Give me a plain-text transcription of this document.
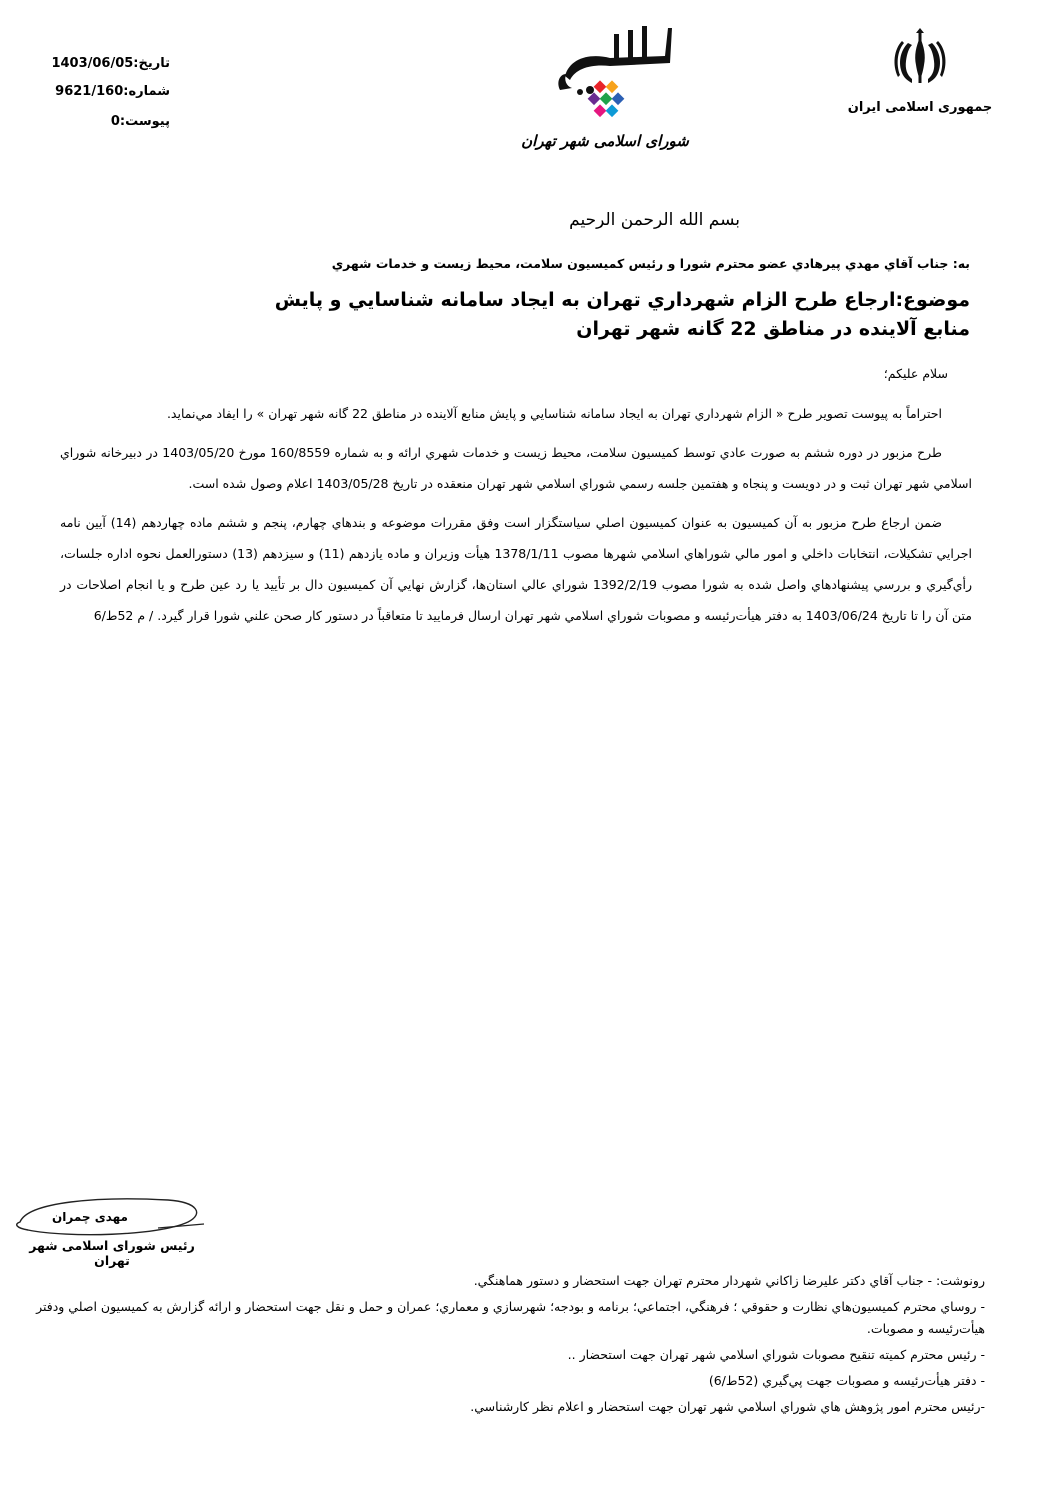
تاريخ:1403/06/05
شماره:9621/160
پيوست:0
جمهوری اسلامی ایران
شورای اسلامی شهر تهران
بسم الله الرحمن الرحيم
به: جناب آقاي مهدي پيرهادي عضو محترم شورا و رئيس کميسيون سلامت، محيط زيست و خدمات شهري
موضوع:ارجاع طرح الزام شهرداري تهران به ايجاد سامانه شناسايي و پايش
منابع آلاينده در مناطق 22 گانه شهر تهران
سلام عليکم؛

احتراماً به پيوست تصوير طرح « الزام شهرداري تهران به ايجاد سامانه شناسايي و پايش منابع آلاينده در مناطق 22 گانه شهر تهران » را ايفاد مي‌نمايد.

طرح مزبور در دوره ششم به صورت عادي توسط کميسيون سلامت، محيط زيست و خدمات شهري ارائه و به شماره 160/8559 مورخ 1403/05/20 در دبيرخانه شوراي اسلامي شهر تهران ثبت و در دويست و پنجاه و هفتمين جلسه رسمي شوراي اسلامي شهر تهران منعقده در تاريخ 1403/05/28 اعلام وصول شده است.

ضمن ارجاع طرح مزبور به آن کميسيون به عنوان کميسيون اصلي سياستگزار است وفق مقررات موضوعه و بندهاي چهارم، پنجم و ششم ماده چهاردهم (14) آيين نامه اجرايي تشکيلات، انتخابات داخلي و امور مالي شوراهاي اسلامي شهرها مصوب 1378/1/11 هيأت وزيران و ماده يازدهم (11) و سيزدهم (13) دستورالعمل نحوه اداره جلسات، رأي‌گيري و بررسي پيشنهادهاي واصل شده به شورا مصوب 1392/2/19 شوراي عالي استان‌ها، گزارش نهايي آن کميسيون دال بر تأييد يا رد عين طرح و يا انجام اصلاحات در متن آن را تا تاريخ 1403/06/24 به دفتر هيأت‌رئيسه و مصوبات شوراي اسلامي شهر تهران ارسال فرماييد تا متعاقباً در دستور کار صحن علني شورا قرار گيرد. / م 52ط/6

مهدی چمران
رئیس شورای اسلامی شهر تهران
رونوشت: - جناب آقاي دکتر عليرضا زاکاني شهردار محترم تهران جهت استحضار و دستور هماهنگي.
- روساي محترم کميسيون‌هاي نظارت و حقوقي ؛ فرهنگي، اجتماعي؛ برنامه و بودجه؛ شهرسازي و معماري؛ عمران و حمل و نقل جهت استحضار و ارائه گزارش به کميسيون اصلي ودفتر هيأت‌رئيسه و مصوبات.
- رئيس محترم کميته تنقيح مصوبات شوراي اسلامي شهر تهران جهت استحضار ..
- دفتر هيأت‌رئيسه و مصوبات جهت پي‌گيري (52ط/6)
-رئيس محترم امور پژوهش هاي شوراي اسلامي شهر تهران جهت استحضار و اعلام نظر کارشناسي.
